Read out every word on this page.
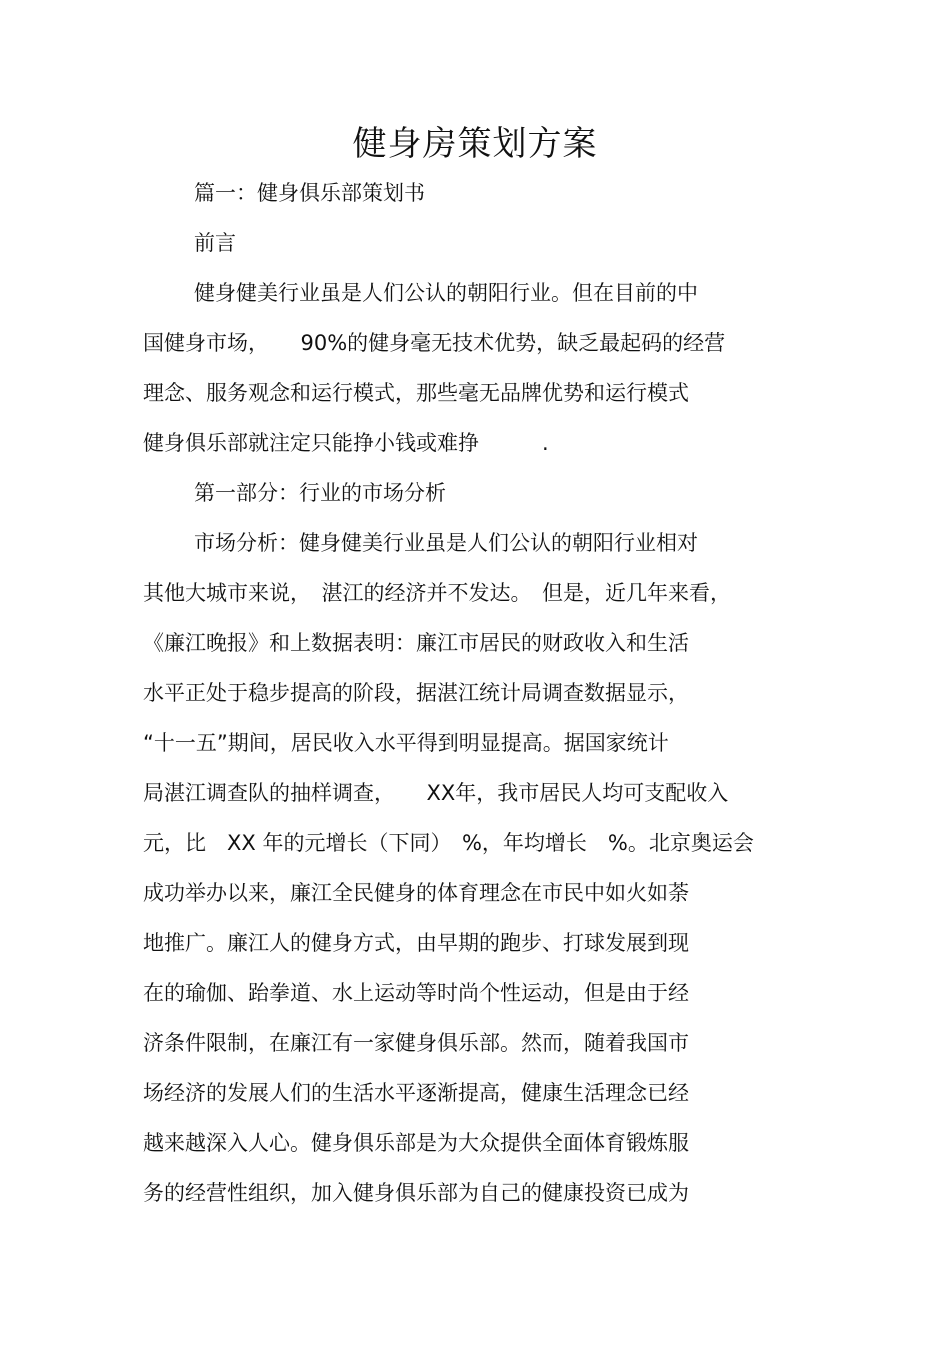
健身房策划方案
篇一：健身俱乐部策划书
前言
健身健美行业虽是人们公认的朝阳行业。但在目前的中
国健身市场，　　90%的健身毫无技术优势，缺乏最起码的经营
理念、服务观念和运行模式，那些毫无品牌优势和运行模式
健身俱乐部就注定只能挣小钱或难挣　　　.
第一部分：行业的市场分析
市场分析：健身健美行业虽是人们公认的朝阳行业相对
其他大城市来说，　湛江的经济并不发达。　但是，近几年来看，
《廉江晚报》和上数据表明：廉江市居民的财政收入和生活
水平正处于稳步提高的阶段，据湛江统计局调查数据显示，
“十一五”期间，居民收入水平得到明显提高。据国家统计
局湛江调查队的抽样调查，　　XX年，我市居民人均可支配收入
元，比　XX 年的元增长（下同）　%，年均增长　%。北京奥运会
成功举办以来，廉江全民健身的体育理念在市民中如火如荼
地推广。廉江人的健身方式，由早期的跑步、打球发展到现
在的瑜伽、跆拳道、水上运动等时尚个性运动，但是由于经
济条件限制，在廉江有一家健身俱乐部。然而，随着我国市
场经济的发展人们的生活水平逐渐提高，健康生活理念已经
越来越深入人心。健身俱乐部是为大众提供全面体育锻炼服
务的经营性组织，加入健身俱乐部为自己的健康投资已成为
